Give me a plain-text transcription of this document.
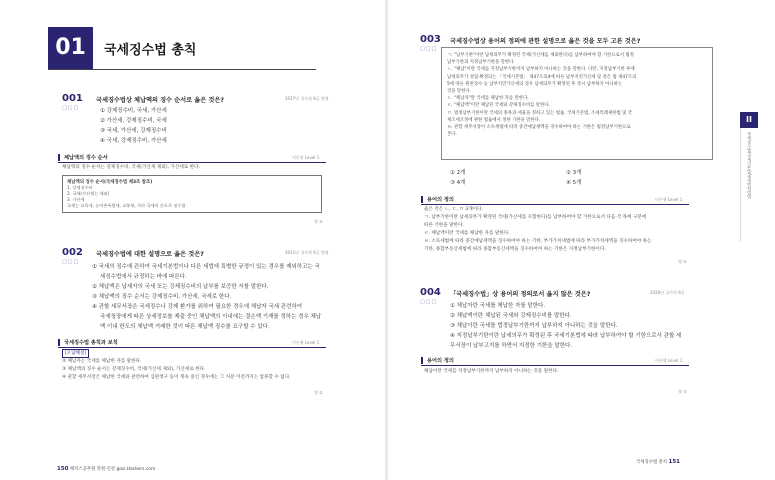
01	국세징수법 총칙
001
□□□
국세징수법상 체납액의 징수 순서로 옳은 것은?	2017년 국가직 9급 변형
① 강제징수비, 국세, 가산세
② 가산세, 강제징수비, 국세
③ 국세, 가산세, 강제징수비
④ 국세, 강제징수비, 가산세
체납액의 징수 순서	이론형 Level 1
체납액의 징수 순서는 강제징수비, 국세(가산세 제외), 가산세로 한다.
체납액의 징수 순서(국세징수법 제3조 참조)
1. 강제징수비
2. 국세(가산세는 제외)
3. 가산세
국세는 교육세, 농어촌특별세, 교통세, 가타 국세의 순으로 징수함
정 ②
002
□□□
국세징수법에 대한 설명으로 옳은 것은?	2011년 국가직 9급 변형
① 국세의 징수에 관하여 국세기본법이나 다른 세법에 특별한 규정이 있는 경우를 제외하고는 국
세징수법에서 규정하는 바에 따른다.
② 체납액은 납세자의 국세 또는 강제징수비의 납부를 보증한 자를 말한다.
③ 체납액의 징수 순서는 강제징수비, 가산세, 국세로 한다.
④ 관할 세무서장은 국세징수나 강제 환가를 위하여 필요한 경우에 체납자 국세 관련하여
국세청장에게 따른 상세정보를 제출 중인 체납액의 이내에는 결손액 기재를 정하는 경우 체납
액 이내 한도의 체납액 거래한 것이 따른 체납액 징수를 요구할 수 있다.
국세징수법 총칙과 보칙	이론형 Level 1
[오답해설]
② 체납자는 국세를 체납한 자를 말한다.
③ 체납액의 징수 순서는 강제징수비, 국세(가산세 제외), 가산세로 한다.
④ 관할 세무서장은 체납한 국세와 관련하여 심판청구 등이 계속 중인 경우에는 그 처분 이전까지는 압류할 수 없다.
정 ①
003
□□□
국세징수법상 용어의 정의에 관한 설명으로 옳은 것을 모두 고른 것은?
ㄱ. "납부기한"이란 납세의무가 확정된 국세(가산세를 제외한다)를 납부하여야 할 기한으로서 법정
납부기한과 지정납부기한을 말한다.
ㄴ. "체납"이란 국세를 지정납부기한까지 납부하지 아니하는 것을 말한다. 다만, 지정납부기한 후에
납세의무가 성립·확정되는 「국세기본법」 제47조의4에 따른 납부지연가산세 및 같은 법 제47조의
5에 따른 원천징수 등 납부지연가산세의 경우 납세의무가 확정된 후 즉시 납부하지 아니하는
것을 말한다.
ㄷ. "체납자"란 국세를 체납한 자를 말한다.
ㄹ. "체납액"이란 체납된 국세와 강제징수비를 말한다.
ㅁ. 법정납부기한이란 국세의 종목과 세율을 정하고 있는 법률, 국세기본법, 조세특례제한법 및 국
제조세조정에 관한 법률에서 정한 기한을 말한다.
ㅂ. 관할 세무서장이 소득세법에 따라 중간예납세액을 징수하여야 하는 기한은 법정납부기한으로
본다.
① 2개	② 3개
③ 4개	④ 5개
용어의 정의	이론형 Level 1
옳은 것은 ㄴ, ㄷ, ㅁ 3개이다.
ㄱ. 납부기한이란 납세의무가 확정된 국세(가산세를 포함한다)를 납부하여야 할 기한으로서 다음 각 목에 구분에
따른 기한을 말한다.
ㄹ. 체납액이란 국세를 체납한 자를 말한다.
ㅂ. 소득세법에 따라 중간예납세액을 징수하여야 하는 기한, 부가가치세법에 따라 부가가치세액을 징수하여야 하는
기한, 종합부동산세법에 따라 종합부동산세액을 징수하여야 하는 기한은 지정납부기한이다.
정 ②
004
□□□
「국세징수법」상 용어의 정의로서 옳지 않은 것은?	2020년 국가직 9급
① 체납자란 국세를 체납한 자를 말한다.
② 체납액이란 체납된 국세와 강제징수비를 말한다.
③ 체납이란 국세를 법정납부기한까지 납부하지 아니하는 것을 말한다.
④ 지정납부기한이란 납세의무가 확정된 후 국세기본법에 따라 납부하여야 할 기한으로서 관할 세
무서장이 납부고지를 하면서 지정한 기한을 말한다.
용어의 정의	이론형 Level 1
체납이란 국세를 지정납부기한까지 납부하지 아니하는 것을 말한다.
정 ③
II
국세징수법/국세기본법/조세범처벌법
150 해커스공무원 학원·인강 gosi.Hackers.com
국세징수법 총칙 151
